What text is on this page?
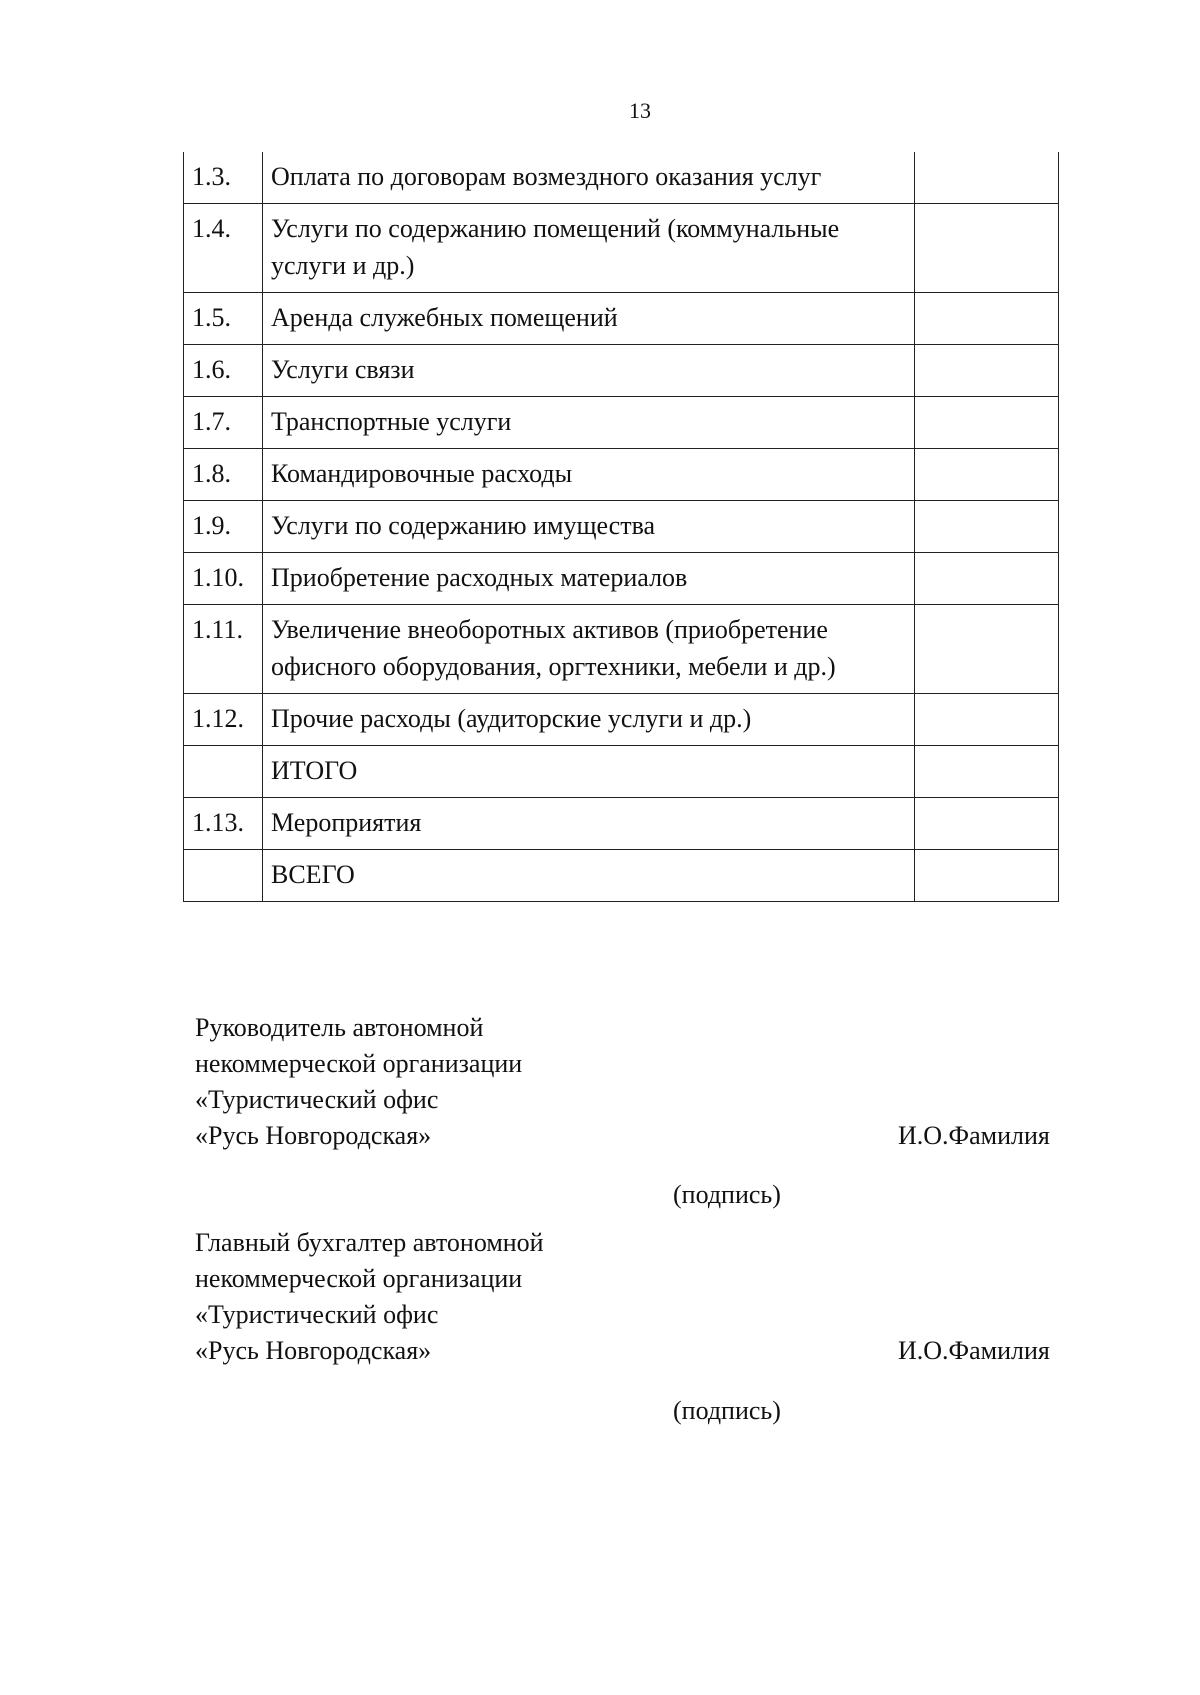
13
1.3.	Оплата по договорам возмездного оказания услуг	
1.4.	Услуги по содержанию помещений (коммунальные услуги и др.)	
1.5.	Аренда служебных помещений	
1.6.	Услуги связи	
1.7.	Транспортные услуги	
1.8.	Командировочные расходы	
1.9.	Услуги по содержанию имущества	
1.10.	Приобретение расходных материалов	
1.11.	Увеличение внеоборотных активов (приобретение офисного оборудования, оргтехники, мебели и др.)	
1.12.	Прочие расходы (аудиторские услуги и др.)	
	ИТОГО	
1.13.	Мероприятия	
	ВСЕГО	
Руководитель автономной
некоммерческой организации
«Туристический офис
«Русь Новгородская»	И.О.Фамилия
(подпись)
Главный бухгалтер автономной
некоммерческой организации
«Туристический офис
«Русь Новгородская»	И.О.Фамилия
(подпись)
